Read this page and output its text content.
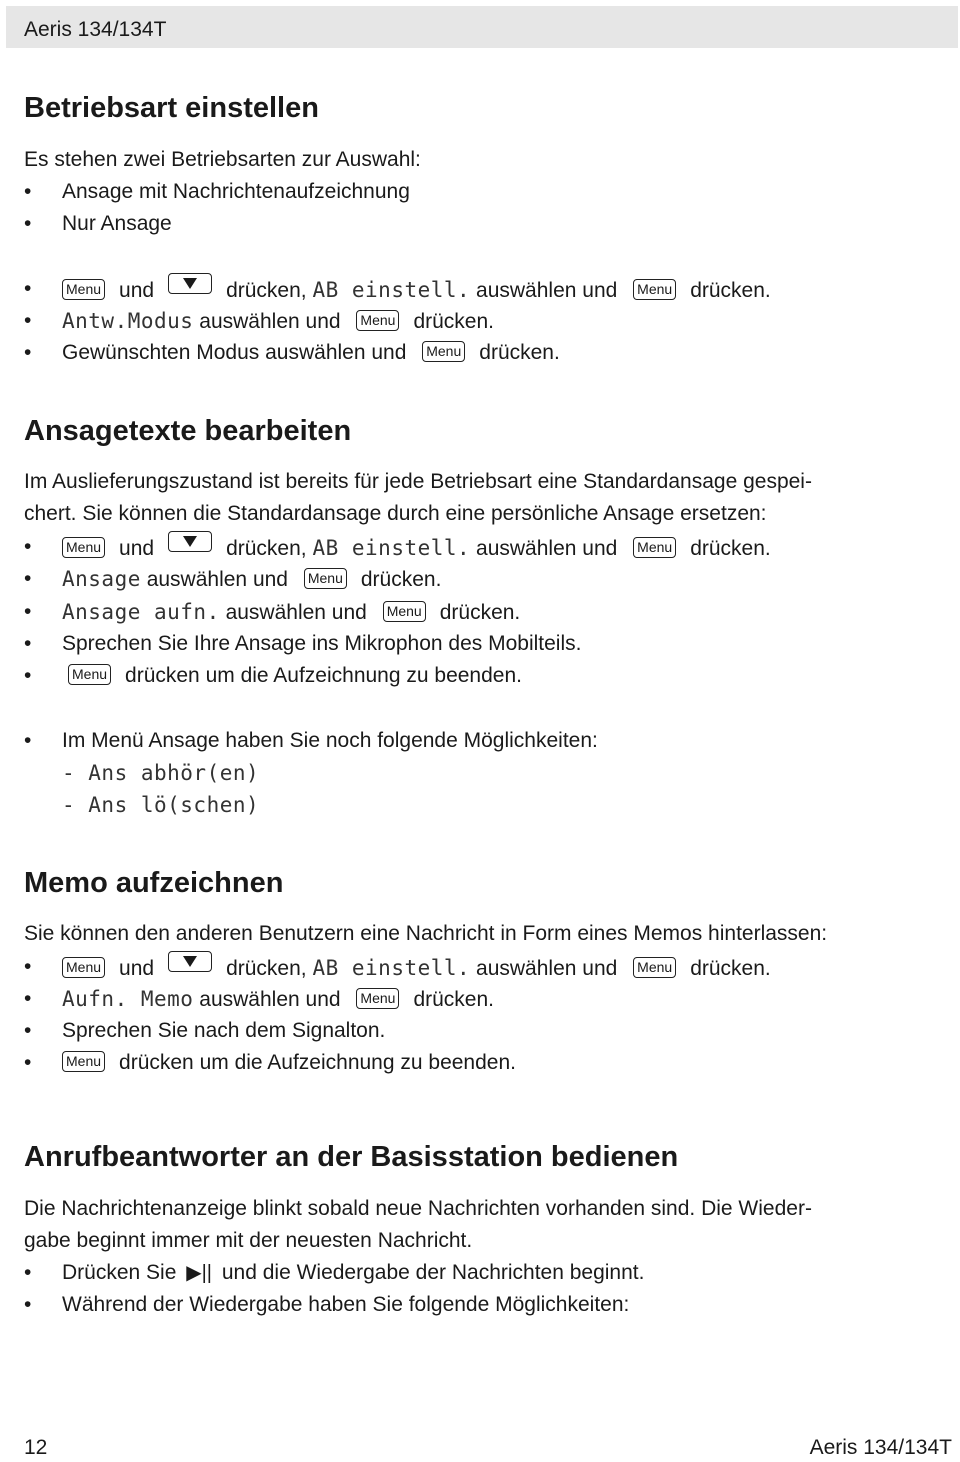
Aeris 134/134T
Betriebsart einstellen
Es stehen zwei Betriebsarten zur Auswahl:
• Ansage mit Nachrichtenaufzeichnung
• Nur Ansage
• Menu und	drücken, AB einstell. auswählen und Menu drücken.
• Antw.Modus auswählen und Menu drücken.
• Gewünschten Modus auswählen und Menu drücken.
Ansagetexte bearbeiten
Im Auslieferungszustand ist bereits für jede Betriebsart eine Standardansage gespei-
chert. Sie können die Standardansage durch eine persönliche Ansage ersetzen:
• Menu und	drücken, AB einstell. auswählen und Menu drücken.
• Ansage auswählen und Menu drücken.
• Ansage aufn. auswählen und Menu drücken.
• Sprechen Sie Ihre Ansage ins Mikrophon des Mobilteils.
•	Menu drücken um die Aufzeichnung zu beenden.
• Im Menü Ansage haben Sie noch folgende Möglichkeiten:
- Ans abhör(en)
- Ans lö(schen)
Memo aufzeichnen
Sie können den anderen Benutzern eine Nachricht in Form eines Memos hinterlassen:
• Menu und	drücken, AB einstell. auswählen und Menu drücken.
• Aufn. Memo auswählen und Menu drücken.
• Sprechen Sie nach dem Signalton.
• Menu drücken um die Aufzeichnung zu beenden.
Anrufbeantworter an der Basisstation bedienen
Die Nachrichtenanzeige blinkt sobald neue Nachrichten vorhanden sind. Die Wieder-
gabe beginnt immer mit der neuesten Nachricht.
• Drücken Sie ▶|| und die Wiedergabe der Nachrichten beginnt.
• Während der Wiedergabe haben Sie folgende Möglichkeiten:
12	Aeris 134/134T
